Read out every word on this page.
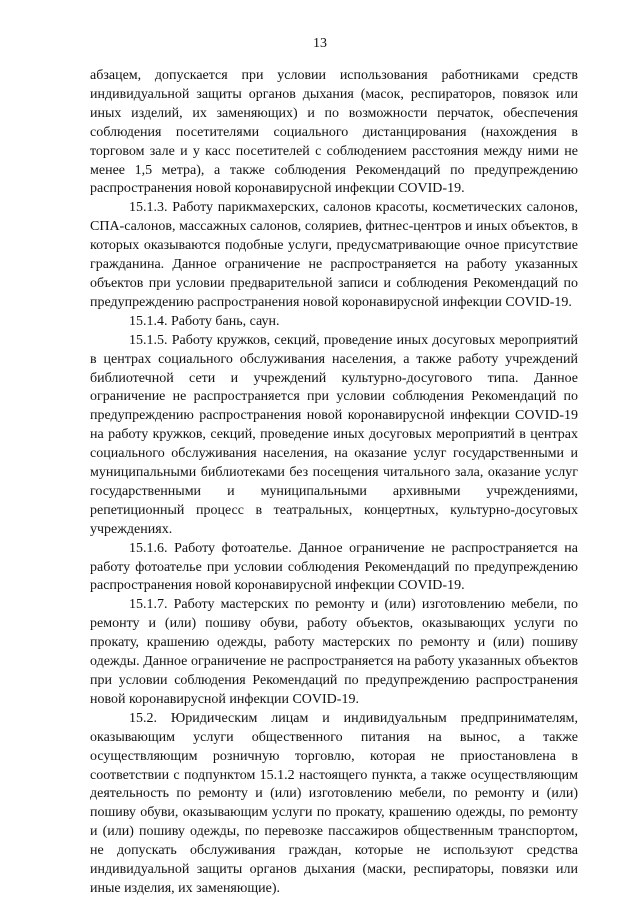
13

абзацем, допускается при условии использования работниками средств индивидуальной защиты органов дыхания (масок, респираторов, повязок или иных изделий, их заменяющих) и по возможности перчаток, обеспечения соблюдения посетителями социального дистанцирования (нахождения в торговом зале и у касс посетителей с соблюдением расстояния между ними не менее 1,5 метра), а также соблюдения Рекомендаций по предупреждению распространения новой коронавирусной инфекции COVID-19.

15.1.3. Работу парикмахерских, салонов красоты, косметических салонов, СПА-салонов, массажных салонов, соляриев, фитнес-центров и иных объектов, в которых оказываются подобные услуги, предусматривающие очное присутствие гражданина. Данное ограничение не распространяется на работу указанных объектов при условии предварительной записи и соблюдения Рекомендаций по предупреждению распространения новой коронавирусной инфекции COVID-19.

15.1.4. Работу бань, саун.

15.1.5. Работу кружков, секций, проведение иных досуговых мероприятий в центрах социального обслуживания населения, а также работу учреждений библиотечной сети и учреждений культурно-досугового типа. Данное ограничение не распространяется при условии соблюдения Рекомендаций по предупреждению распространения новой коронавирусной инфекции COVID-19 на работу кружков, секций, проведение иных досуговых мероприятий в центрах социального обслуживания населения, на оказание услуг государственными и муниципальными библиотеками без посещения читального зала, оказание услуг государственными и муниципальными архивными учреждениями, репетиционный процесс в театральных, концертных, культурно-досуговых учреждениях.

15.1.6. Работу фотоателье. Данное ограничение не распространяется на работу фотоателье при условии соблюдения Рекомендаций по предупреждению распространения новой коронавирусной инфекции COVID-19.

15.1.7. Работу мастерских по ремонту и (или) изготовлению мебели, по ремонту и (или) пошиву обуви, работу объектов, оказывающих услуги по прокату, крашению одежды, работу мастерских по ремонту и (или) пошиву одежды. Данное ограничение не распространяется на работу указанных объектов при условии соблюдения Рекомендаций по предупреждению распространения новой коронавирусной инфекции COVID-19.

15.2. Юридическим лицам и индивидуальным предпринимателям, оказывающим услуги общественного питания на вынос, а также осуществляющим розничную торговлю, которая не приостановлена в соответствии с подпунктом 15.1.2 настоящего пункта, а также осуществляющим деятельность по ремонту и (или) изготовлению мебели, по ремонту и (или) пошиву обуви, оказывающим услуги по прокату, крашению одежды, по ремонту и (или) пошиву одежды, по перевозке пассажиров общественным транспортом, не допускать обслуживания граждан, которые не используют средства индивидуальной защиты органов дыхания (маски, респираторы, повязки или иные изделия, их заменяющие).
